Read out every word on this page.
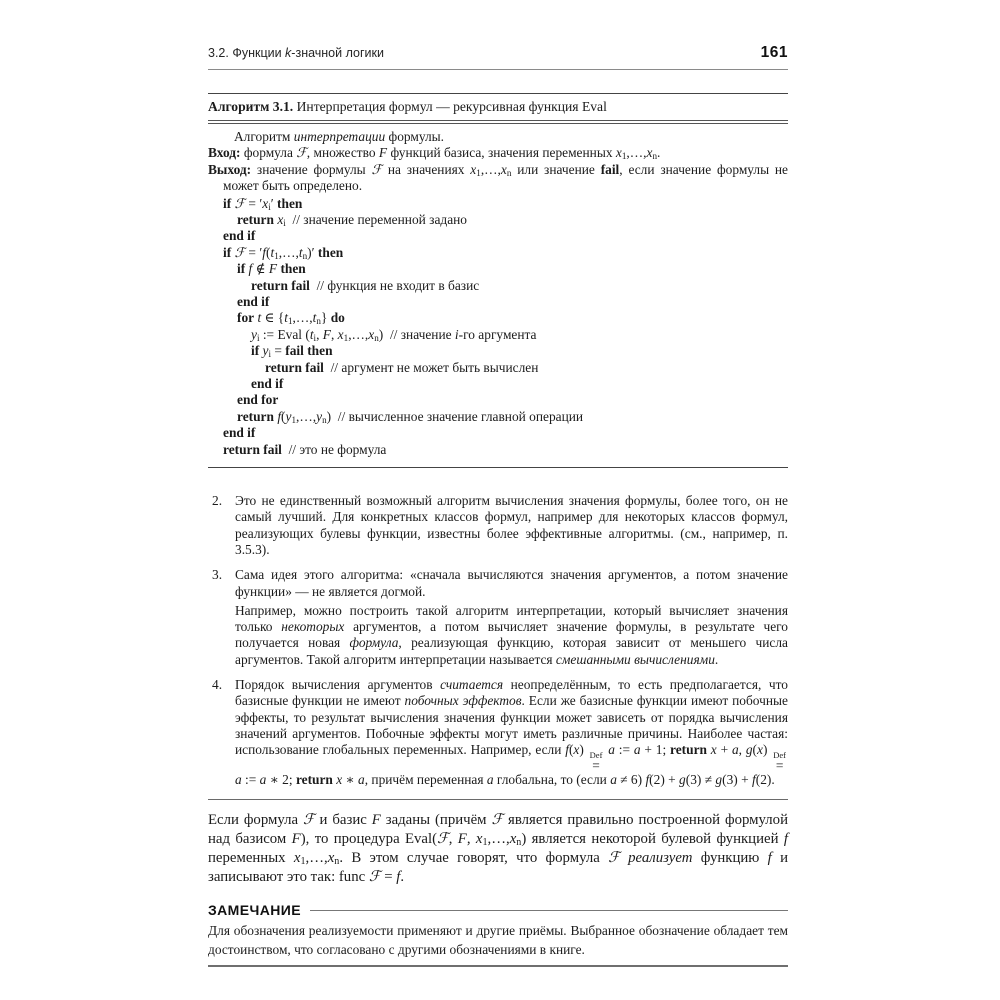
3.2. Функции k-значной логики	161
Алгоритм 3.1. Интерпретация формул — рекурсивная функция Eval
Алгоритм интерпретации формулы.
Вход: формула ℱ, множество F функций базиса, значения переменных $x_1,\dots,x_n$.
Выход: значение формулы ℱ на значениях $x_1,\dots,x_n$ или значение fail, если значение формулы не может быть определено.
if ℱ = $'x_i'$ then
return $x_i$  // значение переменной задано
end if
if ℱ = $'f(t_1,\dots,t_n)'$ then
if f ∉ F then
return fail  // функция не входит в базис
end if
for t ∈ $\{t_1,\dots,t_n\}$ do
$y_i$ := Eval ($t_i$, F, $x_1,\dots,x_n$)  // значение i-го аргумента
if $y_i$ = fail then
return fail  // аргумент не может быть вычислен
end if
end for
return $f(y_1,\dots,y_n)$  // вычисленное значение главной операции
end if
return fail  // это не формула
2. Это не единственный возможный алгоритм вычисления значения формулы, более того, он не самый лучший. Для конкретных классов формул, например для некоторых классов формул, реализующих булевы функции, известны более эффективные алгоритмы. (см., например, п. 3.5.3).

3. Сама идея этого алгоритма: «сначала вычисляются значения аргументов, а потом значение функции» — не является догмой.

Например, можно построить такой алгоритм интерпретации, который вычисляет значения только некоторых аргументов, а потом вычисляет значение формулы, в результате чего получается новая формула, реализующая функцию, которая зависит от меньшего числа аргументов. Такой алгоритм интерпретации называется смешанными вычислениями.

4. Порядок вычисления аргументов считается неопределённым, то есть предполагается, что базисные функции не имеют побочных эффектов. Если же базисные функции имеют побочные эффекты, то результат вычисления значения функции может зависеть от порядка вычисления значений аргументов. Побочные эффекты могут иметь различные причины. Наиболее частая: использование глобальных переменных. Например, если f(x) Def
=
a := a + 1; return x + a, g(x) Def
=
a := a ∗ 2; return x ∗ a, причём переменная a глобальна, то (если a ≠ 6) f(2) + g(3) ≠ g(3) + f(2).

Если формула ℱ и базис F заданы (причём ℱ является правильно построенной формулой над базисом F), то процедура Eval(ℱ, F, $x_1,\dots,x_n$) является некоторой булевой функцией f переменных $x_1,\dots,x_n$. В этом случае говорят, что формула ℱ реализует функцию f и записывают это так: func ℱ = f.
ЗАМЕЧАНИЕ
Для обозначения реализуемости применяют и другие приёмы. Выбранное обозначение обладает тем достоинством, что согласовано с другими обозначениями в книге.
